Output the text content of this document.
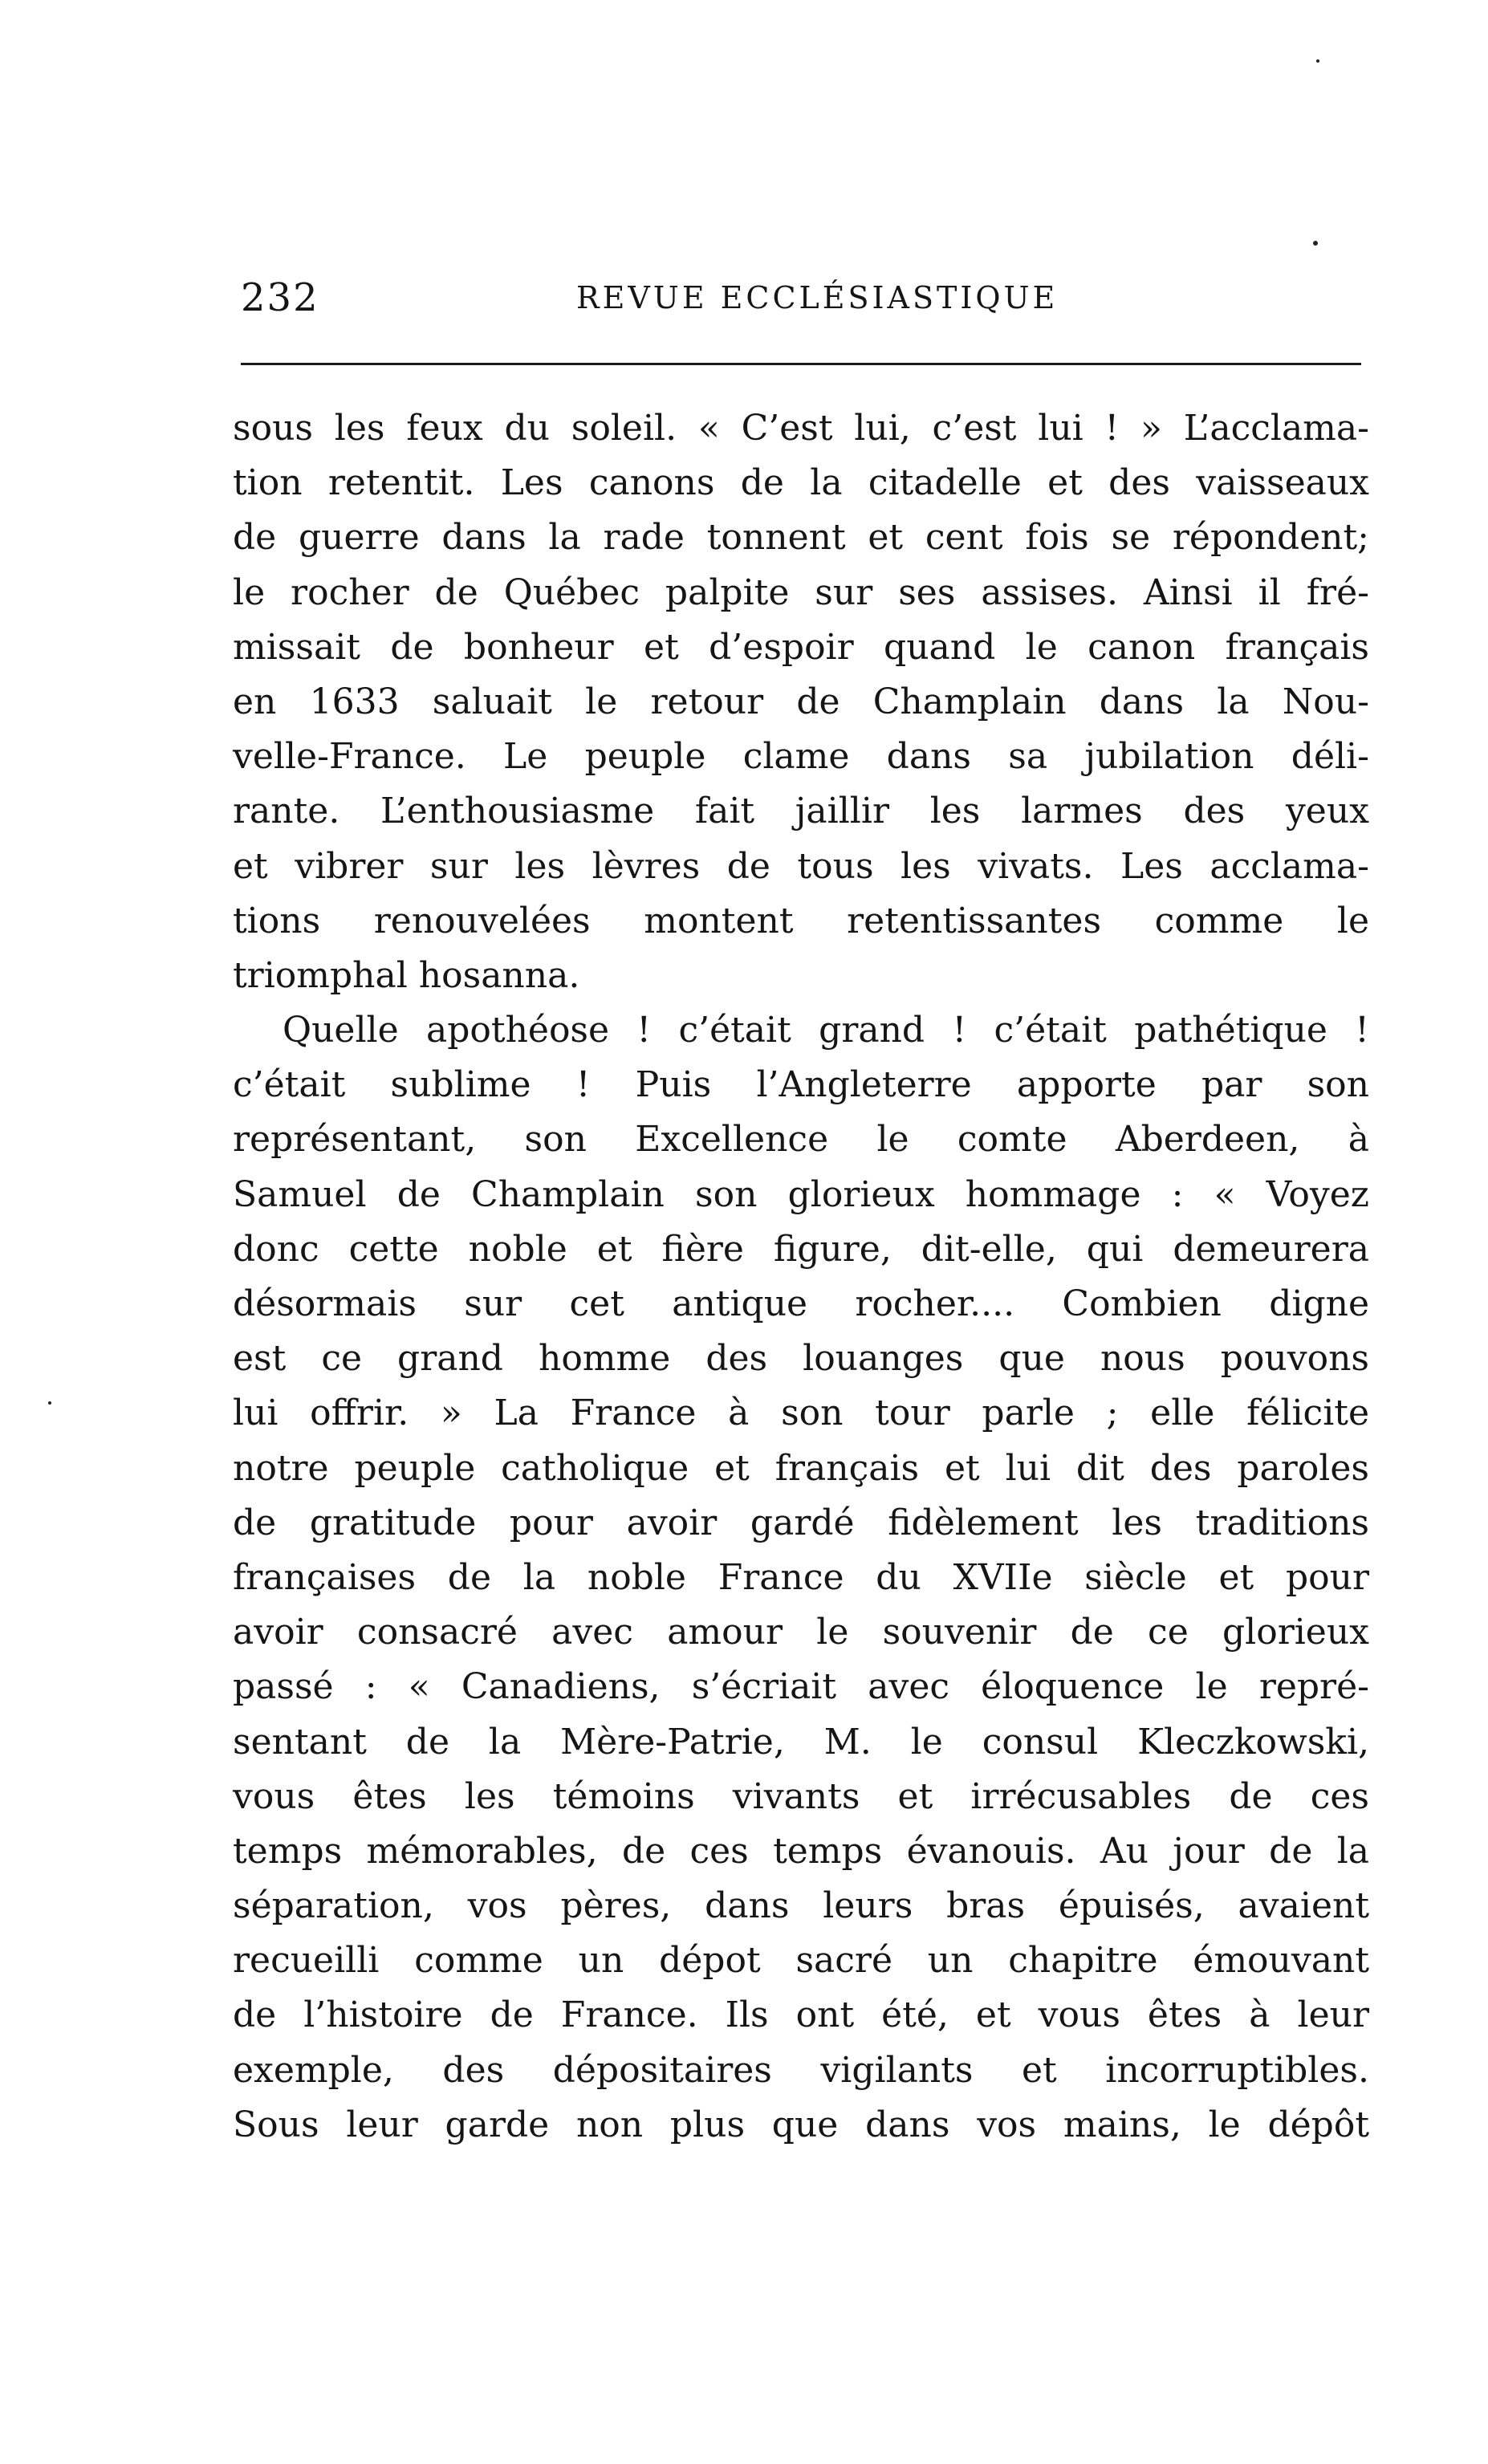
232	REVUE ECCLÉSIASTIQUE
sous les feux du soleil. « C’est lui, c’est lui ! » L’acclama-
tion retentit. Les canons de la citadelle et des vaisseaux
de guerre dans la rade tonnent et cent fois se répondent;
le rocher de Québec palpite sur ses assises. Ainsi il fré-
missait de bonheur et d’espoir quand le canon français
en 1633 saluait le retour de Champlain dans la Nou-
velle-France. Le peuple clame dans sa jubilation déli-
rante. L’enthousiasme fait jaillir les larmes des yeux
et vibrer sur les lèvres de tous les vivats. Les acclama-
tions renouvelées montent retentissantes comme le
triomphal hosanna.
Quelle apothéose ! c’était grand ! c’était pathétique !
c’était sublime ! Puis l’Angleterre apporte par son
représentant, son Excellence le comte Aberdeen, à
Samuel de Champlain son glorieux hommage : « Voyez
donc cette noble et fière figure, dit-elle, qui demeurera
désormais sur cet antique rocher.... Combien digne
est ce grand homme des louanges que nous pouvons
lui offrir. » La France à son tour parle ; elle félicite
notre peuple catholique et français et lui dit des paroles
de gratitude pour avoir gardé fidèlement les traditions
françaises de la noble France du XVIIe siècle et pour
avoir consacré avec amour le souvenir de ce glorieux
passé : « Canadiens, s’écriait avec éloquence le repré-
sentant de la Mère-Patrie, M. le consul Kleczkowski,
vous êtes les témoins vivants et irrécusables de ces
temps mémorables, de ces temps évanouis. Au jour de la
séparation, vos pères, dans leurs bras épuisés, avaient
recueilli comme un dépot sacré un chapitre émouvant
de l’histoire de France. Ils ont été, et vous êtes à leur
exemple, des dépositaires vigilants et incorruptibles.
Sous leur garde non plus que dans vos mains, le dépôt
